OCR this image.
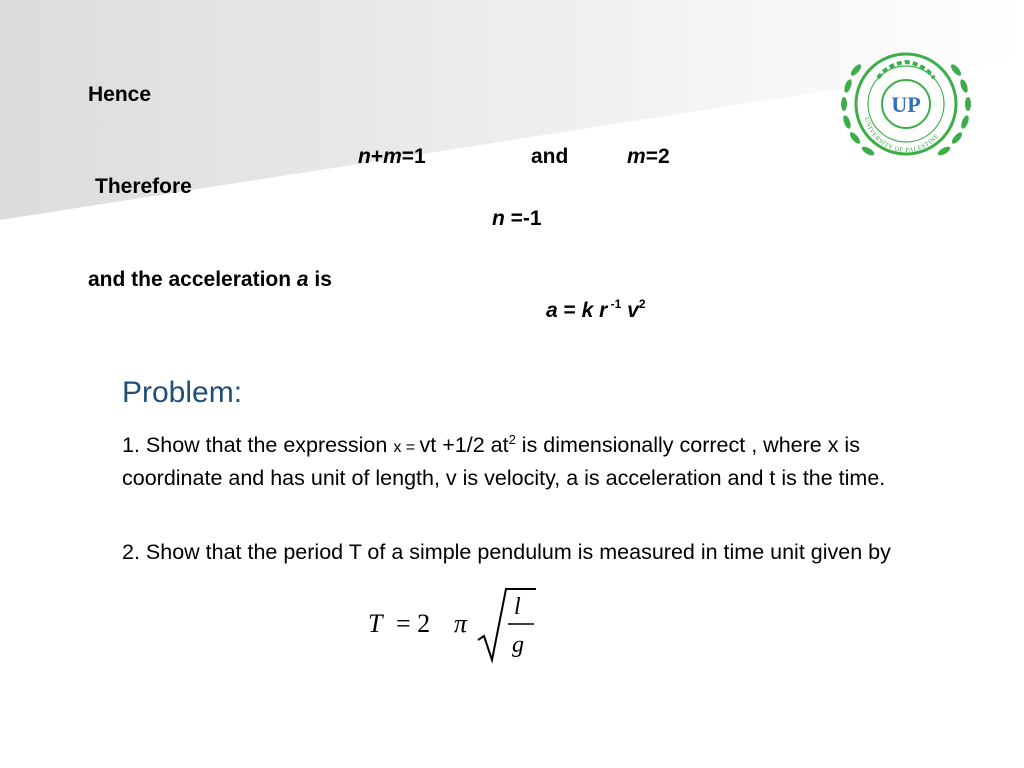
Hence
n+m=1	and	m=2
Therefore
n =-1
and the acceleration a is
a = k r $^{-1}$ $v^2$
Problem:
1. Show that the expression x = vt +1/2 $at^2$ is dimensionally correct , where x is coordinate and has unit of length, v is velocity, a is acceleration and t is the time.
2. Show that the period T of a simple pendulum is measured in time unit given by
T = 2 π
l
g
UP
UNIVERSITY OF PALESTINE
